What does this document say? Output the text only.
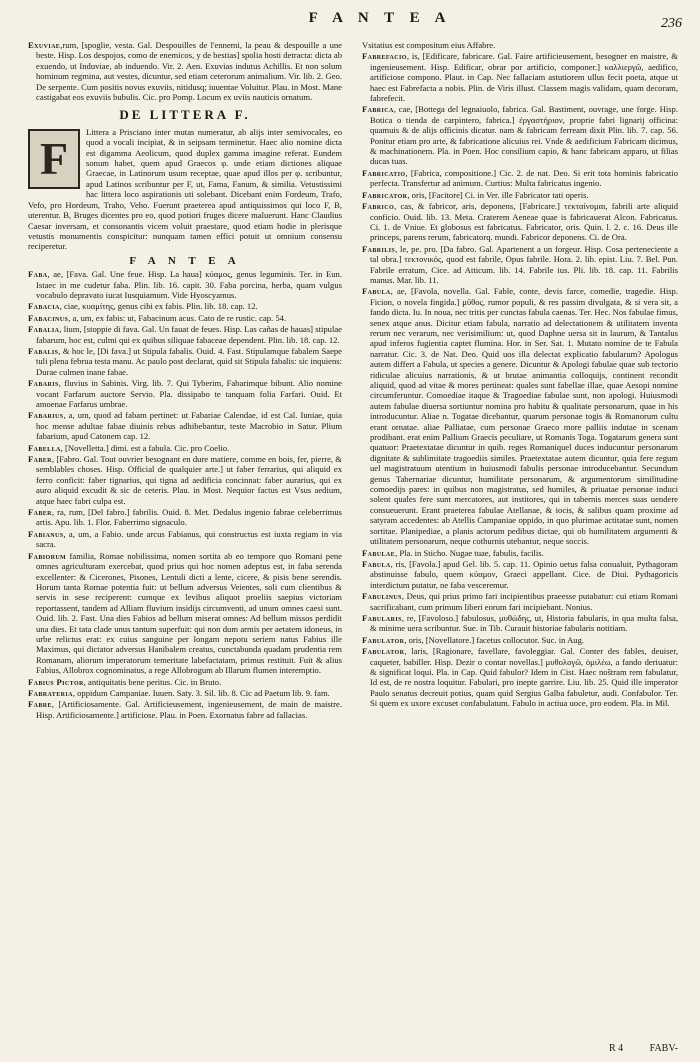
F A N T E A	236

Exuviae,rum, [spoglie, vesta. Gal. Despouilles de l'ennemi, la peau & despouille a une beste. Hisp. Los despojos, como de enemicos, y de bestias] spolia hosti detracta: dicta ab exuendo, ut Induviae, ab induendo. Vir. 2. Aen. Exuvias indutus Achillis. Et non solum hominum regmina, aut vestes, dicuntur, sed etiam ceterorum animalium. Vir. lib. 2. Geo. De serpente. Cum positis novus exuviis, nitidusq; iuuentae Voluitur. Plau. in Most. Mane castigabat eos exuviis bubulis. Cic. pro Pomp. Locum ex uviis nauticis ornatum.

DE LITTERA F.
F
Littera a Prisciano inter mutas numeratur, ab alijs inter semivocales, eo quod a vocali incipiat, & in seipsam terminetur. Haec alio nomine dicta est digamma Aeolicum, quod duplex gamma imagine referat. Eundem sonum habet, quem apud Graecos φ. unde etiam dictiones aliquae Graecae, in Latinorum usum receptae, quae apud illos per φ. scribuntur, apud Latinos scribuntur per F, ut, Fama, Fanum, & similia. Vetustissimi hac littera loco aspirationis uti solebant. Dicebant enim Fordeum, Trafo, Vefo, pro Hordeum, Traho, Veho. Fuerunt praeterea apud antiquissimos qui loco F, B, uterentur. B, Bruges dicentes pro eo, quod potiori fruges dicere maluerunt. Hanc Claudius Caesar inversam, et consonantis vicem voluit praestare, quod etiam hodie in plerisque vetustis monumentis conspicitur: nunquam tamen effici potuit ut omnium consensu reciperetur.
F A N T E A

Faba, ae, [Fava. Gal. Une feue. Hisp. La haua] κύαμος, genus leguminis. Ter. in Eun. Istaec in me cudetur faba. Plin. lib. 16. capit. 30. Faba porcina, herba, quam vulgus vocabulo depravato iucat Iusquiamum. Vide Hyoscyamus.

Fabacia, ciae, κυαμίτης, genus cibi ex fabis. Plin. lib. 18. cap. 12.

Fabacinus, a, um, ex fabis: ut, Fabacinum acus. Cato de re rustic. cap. 54.

Fabalia, lium, [stoppie di fava. Gal. Un fauat de feues. Hisp. Las cañas de hauas] stipulae fabarum, hoc est, culmi qui ex quibus siliquae fabaceae dependent. Plin. lib. 18. cap. 12.

Fabalis, & hoc le, [Di fava.] ut Stipula fabalis. Ouid. 4. Fast. Stipulamque fabalem Saepe tuli plena februa testa manu. Ac paulo post declarat, quid sit Stipula fabalis: sic inquiens: Durae culmen inane fabae.

Fabaris, fluvius in Sabinis. Virg. lib. 7. Qui Tyberim, Fabarimque bibunt. Alio nomine vocant Farfarum auctore Servio. Pla. dissipabo te tanquam folia Farfari. Ouid. Et amoenae Farfarus umbrae.

Fabarius, a, um, quod ad fabam pertinet: ut Fabariae Calendae, id est Cal. Iuniae, quia hoc mense adultae fabae diuinis rebus adhibebantur, teste Macrobio in Satur. Plium fabarium, apud Catonem cap. 12.

Fabella, [Novelletta.] dimi. est a fabula. Cic. pro Coelio.

Faber, [Fabro. Gal. Tout ouvrier besognant en dure matiere, comme en bois, fer, pierre, & semblables choses. Hisp. Official de qualquier arte.] ut faber ferrarius, qui aliquid ex ferro conficit: faber tignarius, qui tigna ad aedificia concinnat: faber aurarius, qui ex auro aliquid excudit & sic de ceteris. Plau. in Most. Nequior factus est Vsus aedium, atque haec fabri culpa est.

Faber, ra, rum, [Del fabro.] fabrilis. Ouid. 8. Met. Dedalus ingenio fabrae celeberrimus artis. Apu. lib. 1. Flor. Faberrimo signaculo.

Fabianus, a, um, a Fabio. unde arcus Fabianus, qui constructus est iuxta regiam in via sacra.

Fabiorum familia, Romae nobilissima, nomen sortita ab eo tempore quo Romani pene omnes agriculturam exercebat, quod prius qui hoc nomen adeptus est, in faba serenda excellenter: & Cicerones, Pisones, Lentuli dicti a lente, cicere, & pisis bene serendis. Horum tanta Romae potentia fuit: ut bellum adversus Veientes, soli cum clientibus & servis in sese reciperent: cumque ex levibus aliquot proeliis saepius victoriam reportassent, tandem ad Alliam fluvium insidijs circumventi, ad unum omnes caesi sunt. Ouid. lib. 2. Fast. Una dies Fabios ad bellum miserat omnes: Ad bellum missos perdidit una dies. Et tata clade unus tantum superfuit: qui non dum armis per aetatem idoneus, in urbe relictus erat: ex cuius sanguine per longam nepotu seriem natus Fabius ille Maximus, qui dictator adversus Hanibalem creatus, cunctabunda quadam prudentia rem Romanam, aliorum imperatorum temeritate labefactatam, primus restituit. Fuit & alius Fabius, Allobrox cognominatus, a rege Allobrogum ab Illarum flumen interemptio.

Fabius Pictor, antiquitatis bene peritus. Cic. in Bruto.

Fabrateria, oppidum Campaniae. Iuuen. Saty. 3. Sil. lib. 8. Cic ad Paetum lib. 9. fam.

Fabre, [Artificiosamente. Gal. Artificieusement, ingenieusement, de main de maistre. Hisp. Artificiosamente.] artificiose. Plau. in Poen. Exornatus fabre ad fallacias.

Vsitatius est compositum eius Affabre.

Fabrefacio, is, [Edificare, fabricare. Gal. Faire artificieusement, besogner en maistre, & ingenieusement. Hisp. Edificar, obrar por artificio, componer.] καλλιεργῶ, aedifico, artificiose compono. Plaut. in Cap. Nec fallaciam astutiorem ullus fecit poeta, atque ut haec est Fabrefacta a nobis. Plin. de Viris illust. Classem magis validam, quam decoram, fabrefecit.

Fabrica, cae, [Bottega del legnaiuolo, fabrica. Gal. Bastiment, ouvrage, une forge. Hisp. Botica o tienda de carpintero, fabrica.] ἐργαστήριον, proprie fabri lignarij officina: quamuis & de alijs officinis dicatur. nam & fabricam ferream dixit Plin. lib. 7. cap. 56. Ponitur etiam pro arte, & fabricatione alicuius rei. Vnde & aedificium Fabricam dicimus, & machinationem. Pla. in Poen. Hoc consilium capio, & hanc fabricam apparo, ut filias ducas tuas.

Fabricatio, [Fabrica, compositione.] Cic. 2. de nat. Deo. Si erit tota hominis fabricatio perfecta. Transfertur ad animum. Curtius: Multa fabricatus ingenio.

Fabricator, oris, [Facitore] Ci. in Ver. ille Fabricator tati operis.

Fabrico, cas, & fabricor, aris, deponens, [Fabricare.] τεκταίνομαι, fabrili arte aliquid conficio. Ouid. lib. 13. Meta. Craterem Aeneae quae is fabricauerat Alcon. Fabricatus. Ci. 1. de Vniue. Et globosus est fabricatus. Fabricator, oris. Quin. l. 2. c. 16. Deus ille princeps, parens rerum, fabricatorq. mundi. Fabricor deponens. Ci. de Ora.

Fabrilis, le, pe. pro. [Da fabro. Gal. Apartenent a un forgeur. Hisp. Cosa perteneciente a tal obra.] τεκτονικός, quod est fabrile, Opus fabrile. Hora. 2. lib. epist. Liu. 7. Bel. Pun. Fabrile erratum, Cice. ad Atticum. lib. 14. Fabrile ius. Pli. lib. 18. cap. 11. Fabrilis manus. Mar. lib. 11.

Fabula, ae, [Favola, novella. Gal. Fable, conte, devis farce, comedie, tragedie. Hisp. Ficion, o novela fingida.] μῦθος, rumor populi, & res passim divulgata, & si vera sit, a fando dicta. Iu. In noua, nec tritis per cunctas fabula caenas. Ter. Hec. Nos fabulae fimus, senex atque anus. Dicitur etiam fabula, narratio ad delectationem & utilitatem inventa rerum nec verarum, nec verisimilium: ut, quod Daphne uersa sit in laurum, & Tantalus apud inferos fugientia captet flumina. Hor. in Ser. Sat. 1. Mutato nomine de te Fabula narratur. Cic. 3. de Nat. Deo. Quid uos illa delectat explicatio fabularum? Apologus autem differt a Fabula, ut species a genere. Dicuntur & Apologi fabulae quae sub tectorio ridiculae alicuius narrationis, & ut brutae animantia colloquijs, continent recondit aliquid, quod ad vitae & mores pertineat: quales sunt fabellae illae, quae Aesopi nomine circumferuntur. Comoediae itaque & Tragoediae fabulae sunt, non apologi. Huiusmodi autem fabulae diuersa sortiuntur nomina pro habitu & qualitate personarum, quae in his introducuntur. Aliae n. Togatae dicebantur, quarum personae togis & Romanorum cultu erant ornatae. aliae Palliatae, cum personae Graeco more palliis indutae in scenam prodibant. erat enim Pallium Graecis peculiare, ut Romanis Toga. Togatarum genera sunt quatuor: Praetextatae dicuntur in quib. reges Romaniquel duces inducuntur personarum dignitate & sublimitate tragoediis similes. Praetextatae autem dicuntur, quia fere regum uel magistratuum utentium in huiusmodi fabulis personae introducebantur. Secundum genus Tabernariae dicuntur, humilitate personarum, & argumentorum similitudine comoedijs pares: in quibus non magistratus, sed humiles, & priuatae personae induci solent quales fere sunt mercatores, aut institores, qui in tabernis merces suas uendere consueuerunt. Erant praeterea fabulae Atellanae, & iocis, & salibus quam proxime ad satyram accedentes: ab Atellis Campaniae oppido, in quo plurimae actitatae sunt, nomen sortitae. Planipediae, a planis actorum pedibus dictae, qui ob humilitatem argumenti & utilitatem personarum, neque cothurnis utebantur, neque soccis.

Fabulae, Pla. in Sticho. Nugae tuae, fabulis, facilis.

Fabula, ris, [Favola.] apud Gel. lib. 5. cap. 11. Opinio uetus falsa conualuit, Pythagoram abstinuisse fabulo, quem κύαμον, Graeci appellant. Cice. de Diui. Pythagoricis interdictum putatur, ne faba vesceremur.

Fabulinus, Deus, qui prius primo fari incipientibus praeesse putabatur: cui etiam Romani sacrificabant, cum primum liberi eorum fari incipiebant. Nonius.

Fabularis, re, [Favoloso.] fabulosus, μυθώδης, ut, Historia fabularis, in qua multa falsa, & minime uera scribuntur. Sue. in Tib. Curauit historiae fabularis notitiam.

Fabulator, oris, [Novellatore.] facetus collocutor. Suc. in Aug.

Fabulator, laris, [Ragionare, favellare, favoleggiar. Gal. Conter des fables, deuiser, caqueter, babiller. Hisp. Dezir o contar novellas.] μυθολογῶ, ὁμιλέω, a fando deriuatur: & significat loqui. Pla. in Cap. Quid fabulor? Idem in Cist. Haec noštram rem fabulatur, Id est, de re nostra loquitur. Fabulari, pro inepte garrire. Liu. lib. 25. Quid ille imperator Paulo senatus decreuit potius, quam quid Sergius Galba fabuletur, audi. Confabulor. Ter. Si quem ex uxore excuset confabulatum. Fabulo in actiua uoce, pro eodem. Pla. in Mil.

R 4	FABV-
